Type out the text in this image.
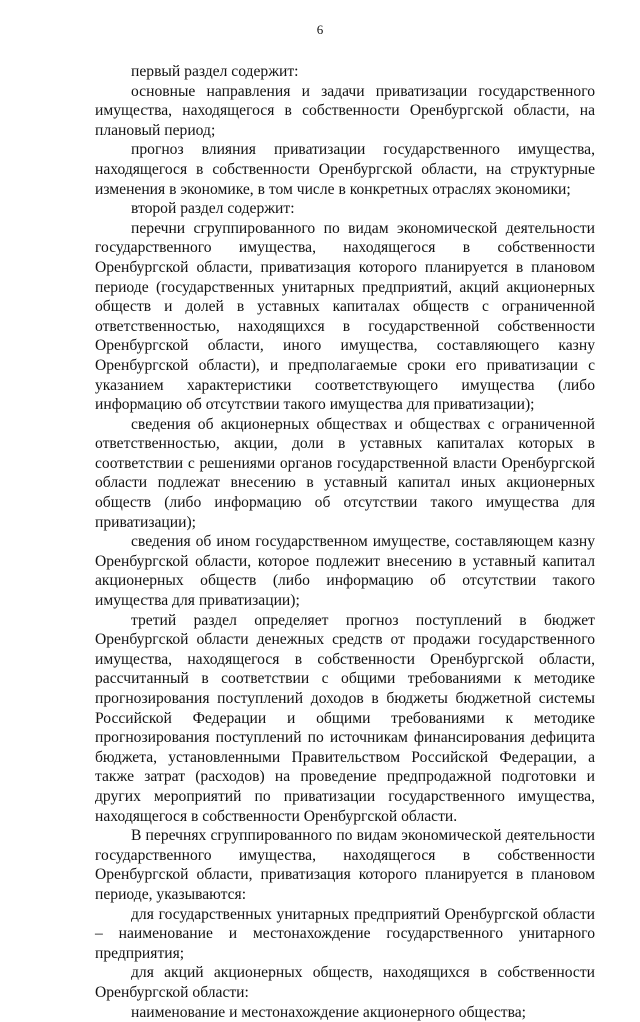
6

первый раздел содержит:

основные направления и задачи приватизации государственного имущества, находящегося в собственности Оренбургской области, на плановый период;

прогноз влияния приватизации государственного имущества, находящегося в собственности Оренбургской области, на структурные изменения в экономике, в том числе в конкретных отраслях экономики;

второй раздел содержит:

перечни сгруппированного по видам экономической деятельности государственного имущества, находящегося в собственности Оренбургской области, приватизация которого планируется в плановом периоде (государственных унитарных предприятий, акций акционерных обществ и долей в уставных капиталах обществ с ограниченной ответственностью, находящихся в государственной собственности Оренбургской области, иного имущества, составляющего казну Оренбургской области), и предполагаемые сроки его приватизации с указанием характеристики соответствующего имущества (либо информацию об отсутствии такого имущества для приватизации);

сведения об акционерных обществах и обществах с ограниченной ответственностью, акции, доли в уставных капиталах которых в соответствии с решениями органов государственной власти Оренбургской области подлежат внесению в уставный капитал иных акционерных обществ (либо информацию об отсутствии такого имущества для приватизации);

сведения об ином государственном имуществе, составляющем казну Оренбургской области, которое подлежит внесению в уставный капитал акционерных обществ (либо информацию об отсутствии такого имущества для приватизации);

третий раздел определяет прогноз поступлений в бюджет Оренбургской области денежных средств от продажи государственного имущества, находящегося в собственности Оренбургской области, рассчитанный в соответствии с общими требованиями к методике прогнозирования поступлений доходов в бюджеты бюджетной системы Российской Федерации и общими требованиями к методике прогнозирования поступлений по источникам финансирования дефицита бюджета, установленными Правительством Российской Федерации, а также затрат (расходов) на проведение предпродажной подготовки и других мероприятий по приватизации государственного имущества, находящегося в собственности Оренбургской области.

В перечнях сгруппированного по видам экономической деятельности государственного имущества, находящегося в собственности Оренбургской области, приватизация которого планируется в плановом периоде, указываются:

для государственных унитарных предприятий Оренбургской области – наименование и местонахождение государственного унитарного предприятия;

для акций акционерных обществ, находящихся в собственности Оренбургской области:

наименование и местонахождение акционерного общества;
